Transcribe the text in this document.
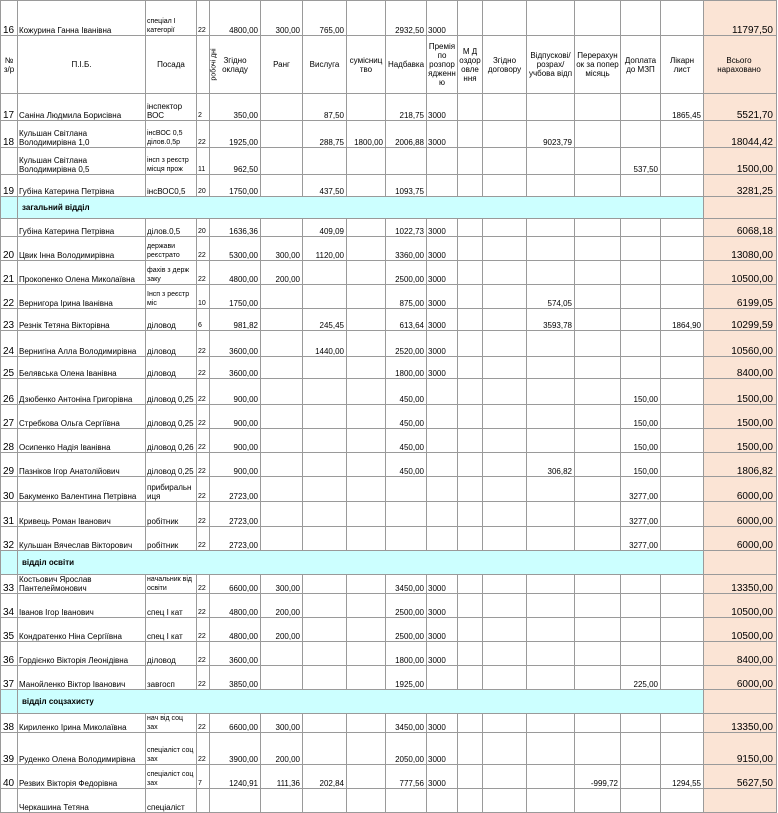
16	Кожурина Ганна Іванівна	спеціал І категорії	22	4800,00	300,00	765,00		2932,50	3000							11797,50
№ з/р	П.І.Б.	Посада	робочі дні	Згідно окладу	Ранг	Вислуга	сумісництво	Надбавка	Премія по розпорядженню	М Д оздоровлення	Згідно договору	Відпускові/ розрах/ учбова відп	Перерахунок за попер місяць	Доплата до МЗП	Лікарн лист	Всього нараховано
17	Саніна Людмила Борисівна	інспектор ВОС	2	350,00		87,50		218,75	3000						1865,45	5521,70
18	Кульшан Світлана Володимирівна 1,0	інсВОС 0,5 ділов.0,5р	22	1925,00		288,75	1800,00	2006,88	3000			9023,79				18044,42
	Кульшан Світлана Володимирівна 0,5	інсп з реєстр місця прож	11	962,50										537,50		1500,00
19	Губіна Катерина Петрівна	інсВОС0,5	20	1750,00		437,50		1093,75								3281,25
	загальний відділ															
	Губіна Катерина Петрівна	ділов.0,5	20	1636,36		409,09		1022,73	3000							6068,18
20	Цвик Інна Володимирівна	держави реєстрато	22	5300,00	300,00	1120,00		3360,00	3000							13080,00
21	Прокопенко Олена Миколаївна	фахів з держ заку	22	4800,00	200,00			2500,00	3000							10500,00
22	Вернигора Ірина Іванівна	Інсп з реєстр міс	10	1750,00				875,00	3000			574,05				6199,05
23	Резнік Тетяна Вікторівна	діловод	6	981,82		245,45		613,64	3000			3593,78			1864,90	10299,59
24	Вернигіна Алла Володимирівна	діловод	22	3600,00		1440,00		2520,00	3000							10560,00
25	Белявська Олена Іванівна	діловод	22	3600,00				1800,00	3000							8400,00
26	Дзюбенко Антоніна Григорівна	діловод 0,25	22	900,00				450,00						150,00		1500,00
27	Стребкова Ольга Сергіївна	діловод 0,25	22	900,00				450,00						150,00		1500,00
28	Осипенко Надія Іванівна	діловод 0,26	22	900,00				450,00						150,00		1500,00
29	Пазніков Ігор Анатолійович	діловод 0,25	22	900,00				450,00				306,82		150,00		1806,82
30	Бакуменко Валентина Петрівна	прибиральниця	22	2723,00										3277,00		6000,00
31	Кривець Роман Іванович	робітник	22	2723,00										3277,00		6000,00
32	Кульшан Вячеслав Вікторович	робітник	22	2723,00										3277,00		6000,00
	відділ освіти															
33	Костьович Ярослав Пантелеймонович	начальник від освіти	22	6600,00	300,00			3450,00	3000							13350,00
34	Іванов Ігор Іванович	спец І кат	22	4800,00	200,00			2500,00	3000							10500,00
35	Кондратенко Ніна Сергіївна	спец І кат	22	4800,00	200,00			2500,00	3000							10500,00
36	Гордієнко Вікторія Леонідівна	діловод	22	3600,00				1800,00	3000							8400,00
37	Манойленко Віктор Іванович	завгосп	22	3850,00				1925,00						225,00		6000,00
	відділ соцзахисту															
38	Кириленко Ірина Миколаївна	нач від соц зах	22	6600,00	300,00			3450,00	3000							13350,00
39	Руденко Олена Володимирівна	спеціаліст соц зах	22	3900,00	200,00			2050,00	3000							9150,00
40	Резвих Вікторія Федорівна	спеціаліст соц зах	7	1240,91	111,36	202,84		777,56	3000				-999,72		1294,55	5627,50
	Черкашина Тетяна	спеціаліст														
